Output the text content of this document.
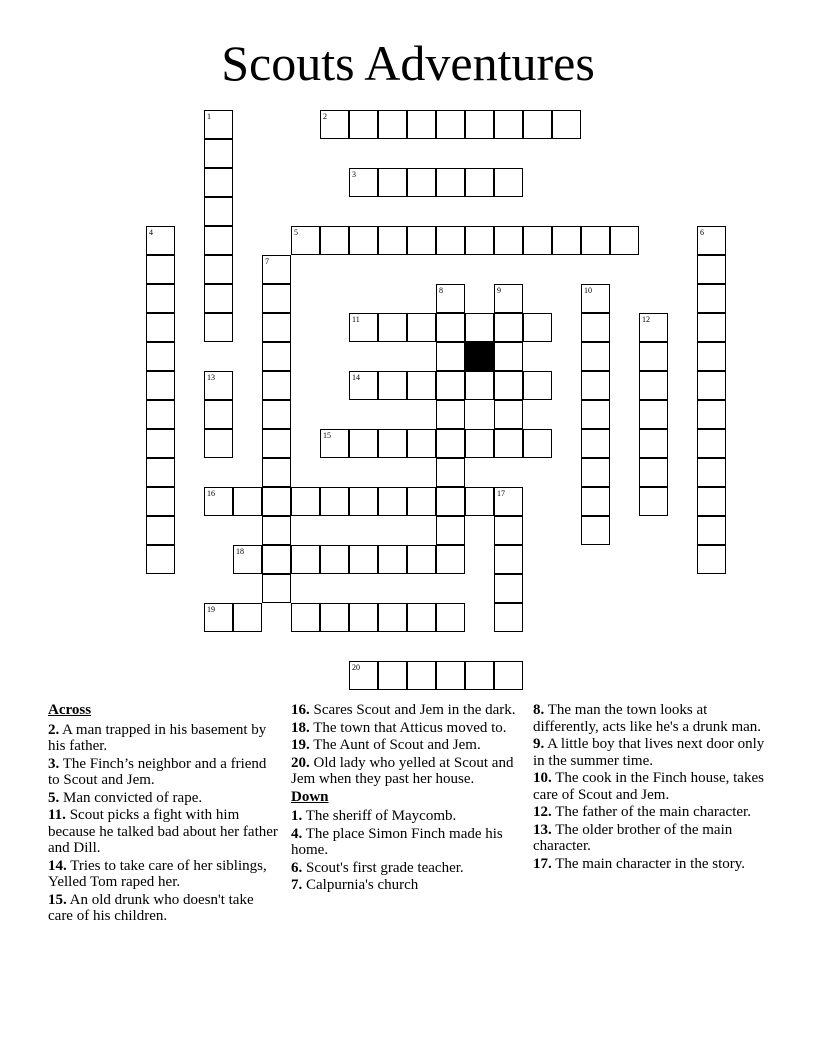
Scouts Adventures
1	2
3
4	5	6
7
8	9	10
11	12
13	14
15
16	17
18
19
20
Across
2. A man trapped in his basement by his father.
3. The Finch’s neighbor and a friend to Scout and Jem.
5. Man convicted of rape.
11. Scout picks a fight with him because he talked bad about her father and Dill.
14. Tries to take care of her siblings, Yelled Tom raped her.
15. An old drunk who doesn't take care of his children.
16. Scares Scout and Jem in the dark.
18. The town that Atticus moved to.
19. The Aunt of Scout and Jem.
20. Old lady who yelled at Scout and Jem when they past her house.
Down
1. The sheriff of Maycomb.
4. The place Simon Finch made his home.
6. Scout's first grade teacher.
7. Calpurnia's church
8. The man the town looks at differently, acts like he's a drunk man.
9. A little boy that lives next door only in the summer time.
10. The cook in the Finch house, takes care of Scout and Jem.
12. The father of the main character.
13. The older brother of the main character.
17. The main character in the story.
